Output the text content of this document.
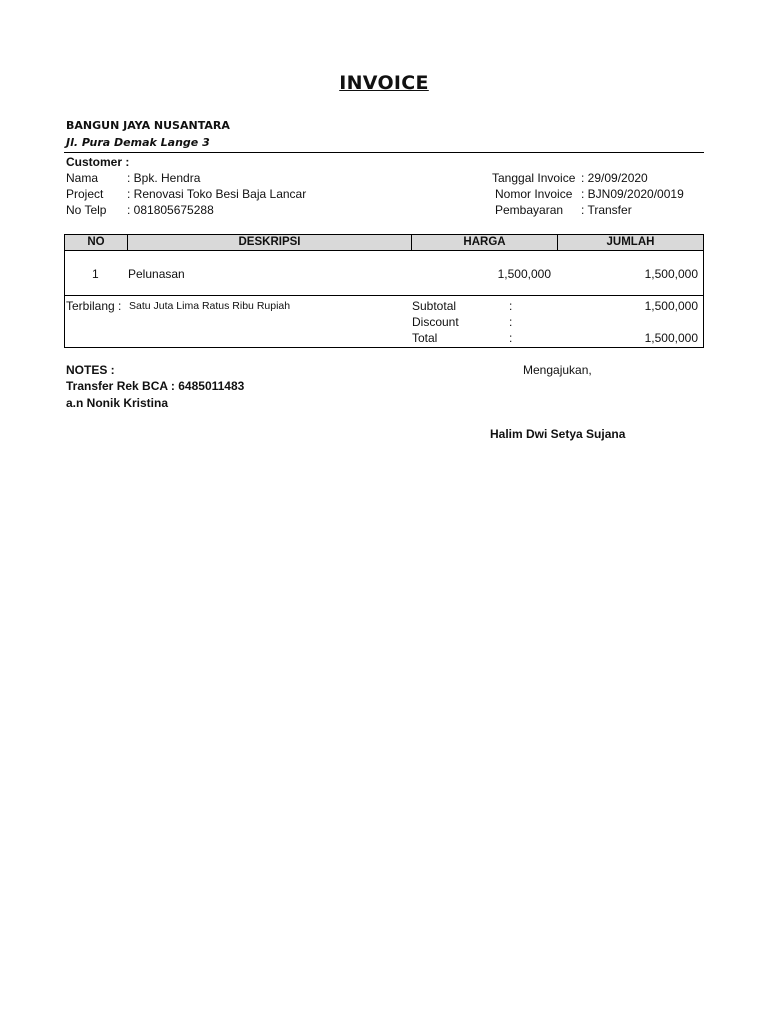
INVOICE
BANGUN JAYA NUSANTARA
Jl. Pura Demak Lange 3
Customer :
Nama : Bpk. Hendra
Project : Renovasi Toko Besi Baja Lancar
No Telp : 081805675288
Tanggal Invoice : 29/09/2020
Nomor Invoice : BJN09/2020/0019
Pembayaran : Transfer
NO	DESKRIPSI	HARGA	JUMLAH
1 Pelunasan	1,500,000	1,500,000
Terbilang : Satu Juta Lima Ratus Ribu Rupiah	Subtotal	:	1,500,000
Discount	:
Total	:	1,500,000
NOTES :
Transfer Rek BCA : 6485011483
a.n Nonik Kristina
Mengajukan,
Halim Dwi Setya Sujana
